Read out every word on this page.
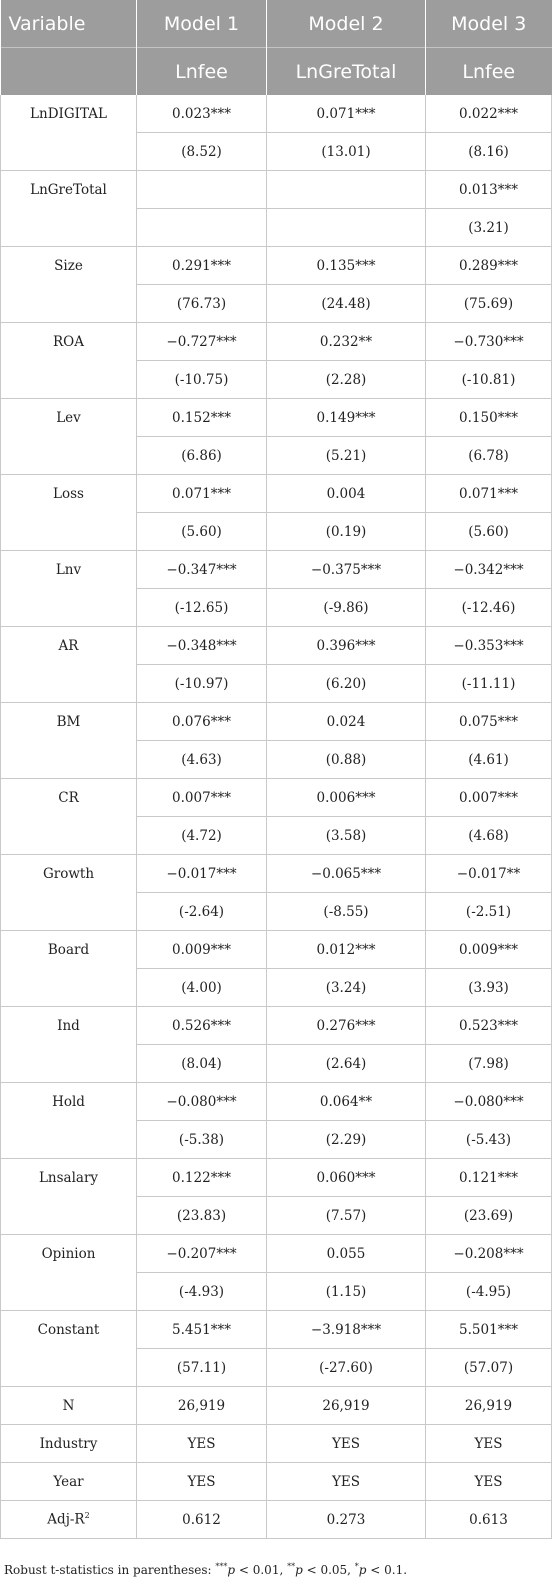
Variable	Model 1	Model 2	Model 3
	Lnfee	LnGreTotal	Lnfee
LnDIGITAL	0.023***	0.071***	0.022***
	(8.52)	(13.01)	(8.16)
LnGreTotal			0.013***
			(3.21)
Size	0.291***	0.135***	0.289***
	(76.73)	(24.48)	(75.69)
ROA	−0.727***	0.232**	−0.730***
	(-10.75)	(2.28)	(-10.81)
Lev	0.152***	0.149***	0.150***
	(6.86)	(5.21)	(6.78)
Loss	0.071***	0.004	0.071***
	(5.60)	(0.19)	(5.60)
Lnv	−0.347***	−0.375***	−0.342***
	(-12.65)	(-9.86)	(-12.46)
AR	−0.348***	0.396***	−0.353***
	(-10.97)	(6.20)	(-11.11)
BM	0.076***	0.024	0.075***
	(4.63)	(0.88)	(4.61)
CR	0.007***	0.006***	0.007***
	(4.72)	(3.58)	(4.68)
Growth	−0.017***	−0.065***	−0.017**
	(-2.64)	(-8.55)	(-2.51)
Board	0.009***	0.012***	0.009***
	(4.00)	(3.24)	(3.93)
Ind	0.526***	0.276***	0.523***
	(8.04)	(2.64)	(7.98)
Hold	−0.080***	0.064**	−0.080***
	(-5.38)	(2.29)	(-5.43)
Lnsalary	0.122***	0.060***	0.121***
	(23.83)	(7.57)	(23.69)
Opinion	−0.207***	0.055	−0.208***
	(-4.93)	(1.15)	(-4.95)
Constant	5.451***	−3.918***	5.501***
	(57.11)	(-27.60)	(57.07)
N	26,919	26,919	26,919
Industry	YES	YES	YES
Year	YES	YES	YES
Adj-$R^2$	0.612	0.273	0.613
Robust t-statistics in parentheses: ***p < 0.01, **p < 0.05, *p < 0.1.
